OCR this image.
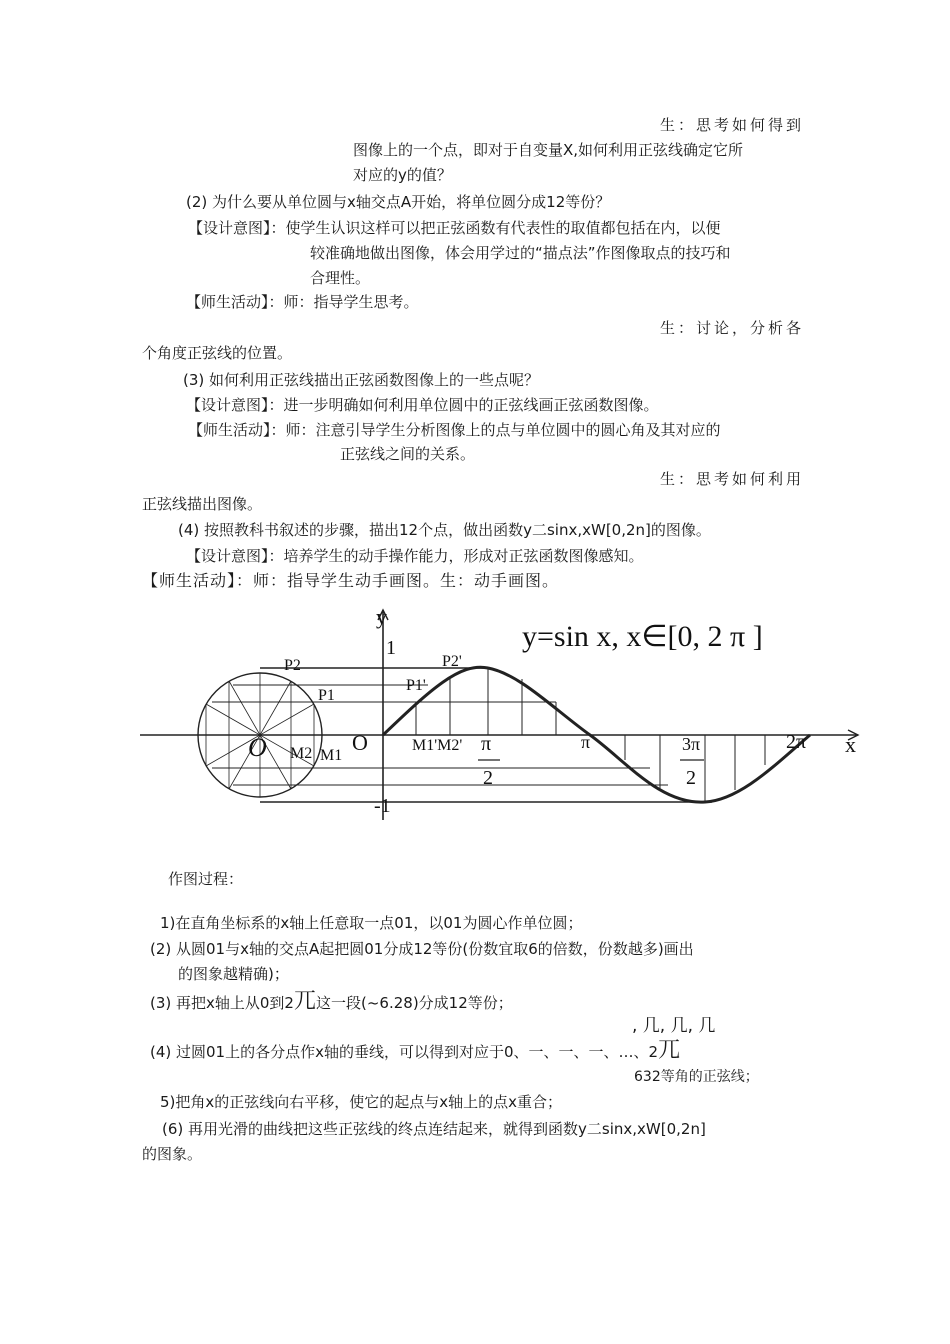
生：思考如何得到
图像上的一个点，即对于自变量X,如何利用正弦线确定它所
对应的y的值？
(2) 为什么要从单位圆与x轴交点A开始，将单位圆分成12等份？
【设计意图】：使学生认识这样可以把正弦函数有代表性的取值都包括在内，以便
较准确地做出图像，体会用学过的“描点法”作图像取点的技巧和
合理性。
【师生活动】：师：指导学生思考。
生：讨论，分析各
个角度正弦线的位置。
(3) 如何利用正弦线描出正弦函数图像上的一些点呢？
【设计意图】：进一步明确如何利用单位圆中的正弦线画正弦函数图像。
【师生活动】：师：注意引导学生分析图像上的点与单位圆中的圆心角及其对应的
正弦线之间的关系。
生：思考如何利用
正弦线描出图像。
(4) 按照教科书叙述的步骤，描出12个点，做出函数y二sinx,xW[0,2n]的图像。
【设计意图】：培养学生的动手操作能力，形成对正弦函数图像感知。
【师生活动】：师：指导学生动手画图。生：动手画图。
y=sin x, x∈[0, 2 π ]
y
x
1
-1
O
O
P2
P1
P2'
P1'
M2 M1
M1'M2' π
2
π	3π
2
2π
作图过程：
1)在直角坐标系的x轴上任意取一点01，以01为圆心作单位圆；
(2) 从圆01与x轴的交点A起把圆01分成12等份(份数宜取6的倍数，份数越多)画出
的图象越精确)；
(3) 再把x轴上从0到2兀这一段(~6.28)分成12等份；
, 几, 几, 几
(4) 过圆01上的各分点作x轴的垂线，可以得到对应于0、一、一、一、…、2兀
632等角的正弦线；
5)把角x的正弦线向右平移，使它的起点与x轴上的点x重合；
(6) 再用光滑的曲线把这些正弦线的终点连结起来，就得到函数y二sinx,xW[0,2n]
的图象。
